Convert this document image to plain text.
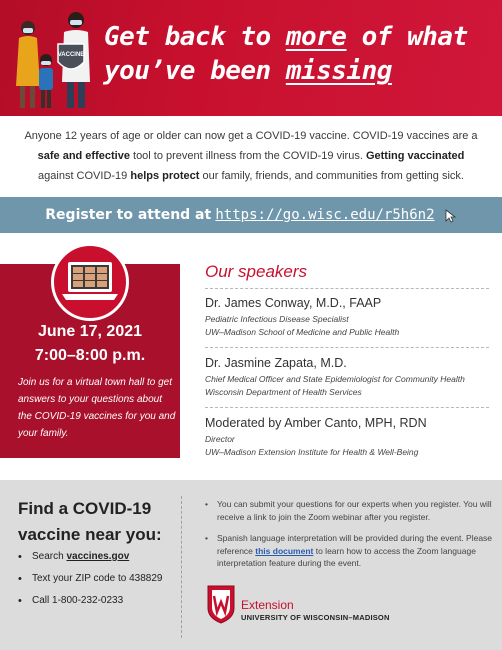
VACCINE
Get back to more of what
you’ve been missing
Anyone 12 years of age or older can now get a COVID-19 vaccine. COVID-19 vaccines are a safe and effective tool to prevent illness from the COVID-19 virus. Getting vaccinated against COVID-19 helps protect our family, friends, and communities from getting sick.
Register to attend at https://go.wisc.edu/r5h6n2
June 17, 2021
7:00–8:00 p.m.
Join us for a virtual town hall to get answers to your questions about the COVID-19 vaccines for you and your family.
Our speakers
Dr. James Conway, M.D., FAAP
Pediatric Infectious Disease Specialist
UW–Madison School of Medicine and Public Health
Dr. Jasmine Zapata, M.D.
Chief Medical Officer and State Epidemiologist for Community Health
Wisconsin Department of Health Services
Moderated by Amber Canto, MPH, RDN
Director
UW–Madison Extension Institute for Health & Well-Being
Find a COVID-19 vaccine near you:
• Search vaccines.gov
• Text your ZIP code to 438829
• Call 1-800-232-0233
• You can submit your questions for our experts when you register. You will receive a link to join the Zoom webinar after you register.
• Spanish language interpretation will be provided during the event. Please reference this document to learn how to access the Zoom language interpretation feature during the event.
Extension
UNIVERSITY OF WISCONSIN–MADISON
